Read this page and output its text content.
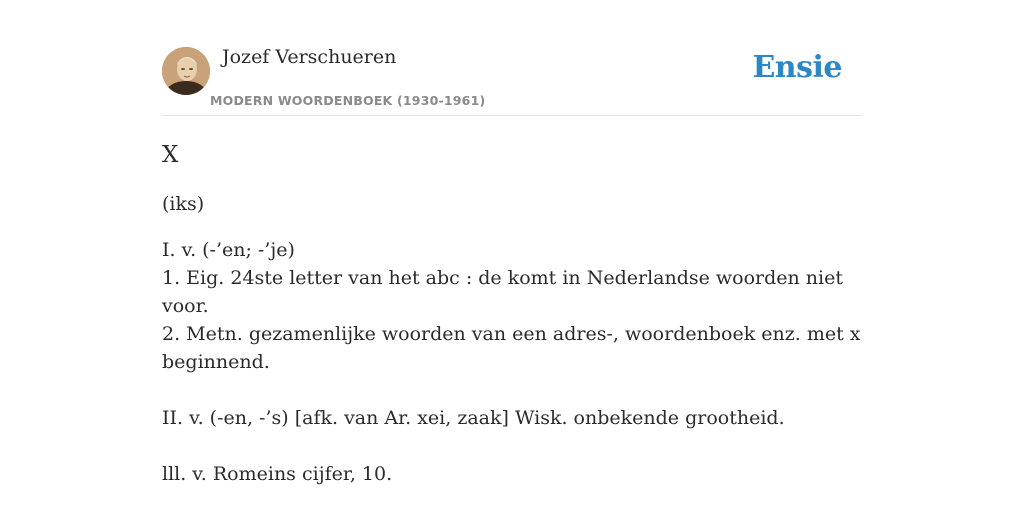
Jozef Verschueren
MODERN WOORDENBOEK (1930-1961)
Ensie
X
(iks)

I. v. (-’en; -’je)

1. Eig. 24ste letter van het abc : de komt in Nederlandse woorden niet voor.

2. Metn. gezamenlijke woorden van een adres-, woordenboek enz. met x beginnend.

II. v. (-en, -’s) [afk. van Ar. xei, zaak] Wisk. onbekende grootheid.

lll. v. Romeins cijfer, 10.
